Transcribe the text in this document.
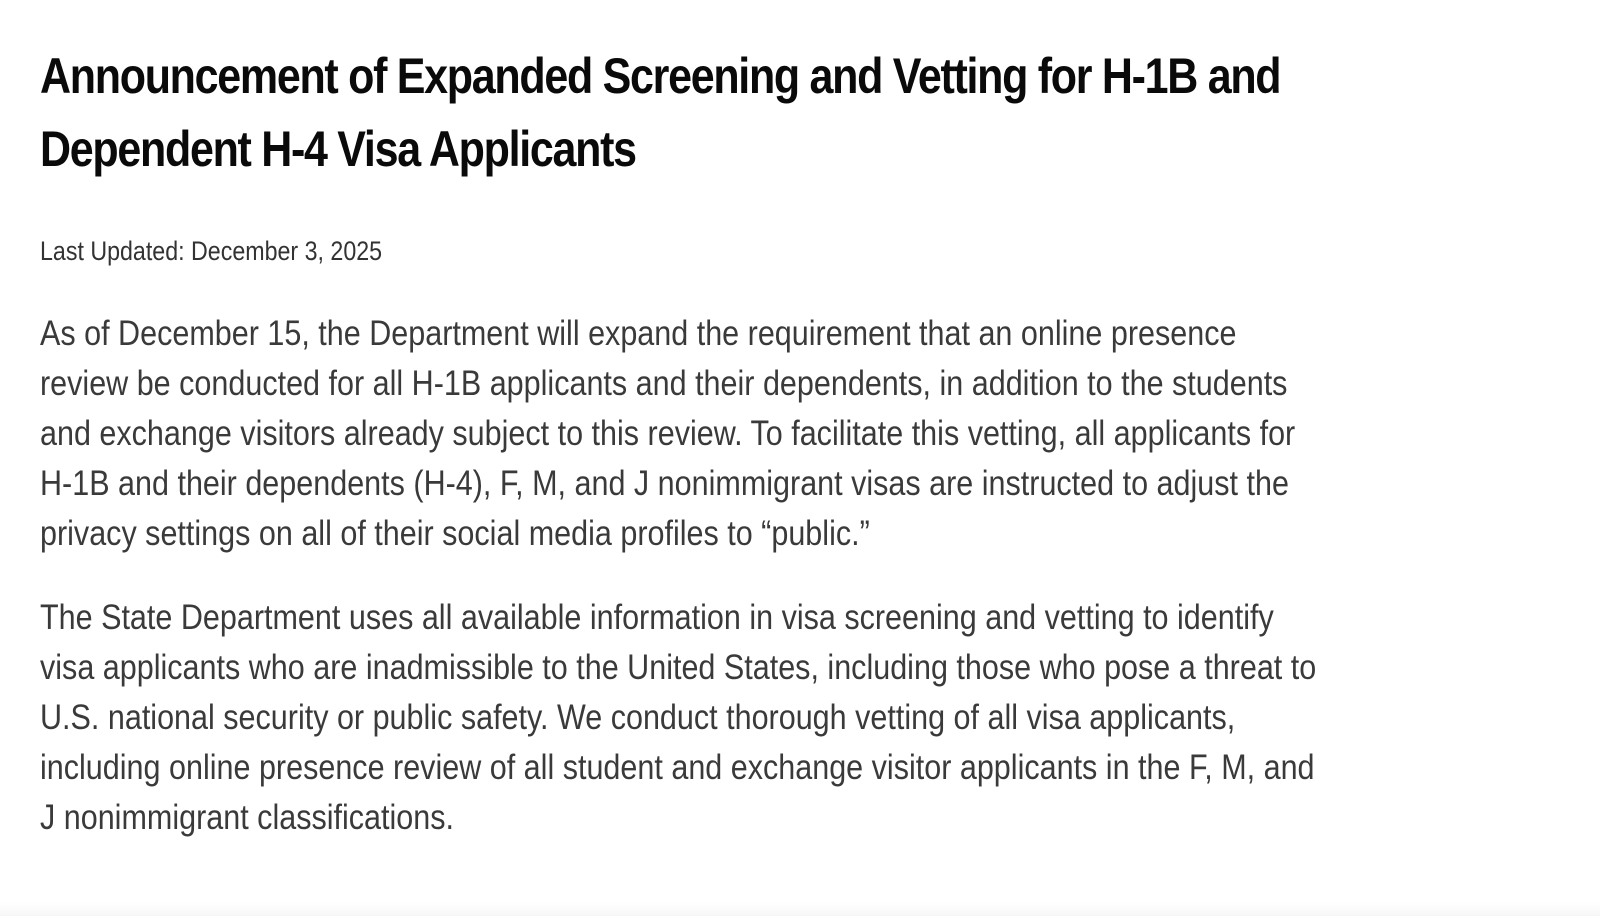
Announcement of Expanded Screening and Vetting for H-1B and Dependent H-4 Visa Applicants
Last Updated: December 3, 2025

As of December 15, the Department will expand the requirement that an online presence review be conducted for all H-1B applicants and their dependents, in addition to the students and exchange visitors already subject to this review. To facilitate this vetting, all applicants for H-1B and their dependents (H-4), F, M, and J nonimmigrant visas are instructed to adjust the privacy settings on all of their social media profiles to “public.”

The State Department uses all available information in visa screening and vetting to identify visa applicants who are inadmissible to the United States, including those who pose a threat to U.S. national security or public safety. We conduct thorough vetting of all visa applicants, including online presence review of all student and exchange visitor applicants in the F, M, and J nonimmigrant classifications.
